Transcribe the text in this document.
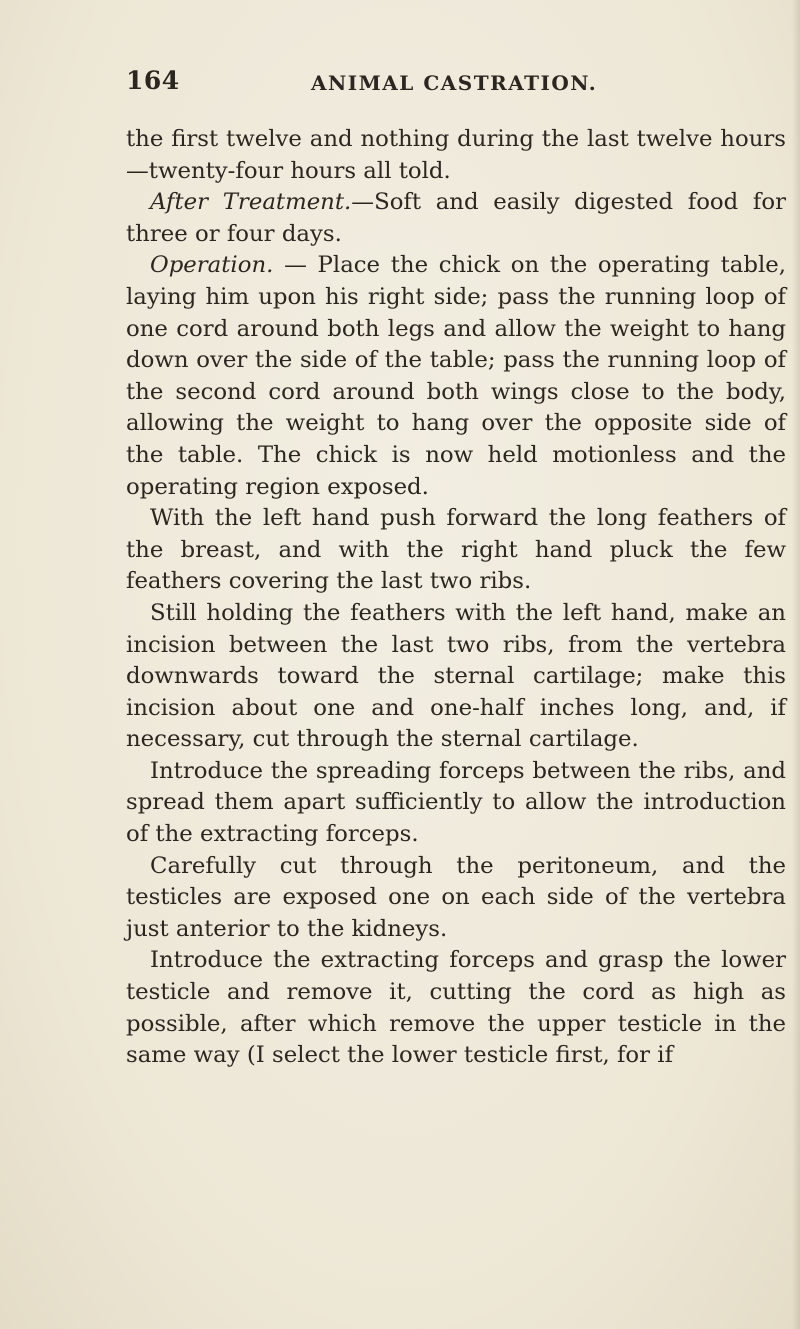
164	ANIMAL CASTRATION.

the first twelve and nothing during the last twelve hours—twenty-four hours all told.

After Treatment.—Soft and easily digested food for three or four days.

Operation. — Place the chick on the operating table, laying him upon his right side; pass the running loop of one cord around both legs and allow the weight to hang down over the side of the table; pass the running loop of the second cord around both wings close to the body, allowing the weight to hang over the opposite side of the table. The chick is now held motionless and the operating region exposed.

With the left hand push forward the long feathers of the breast, and with the right hand pluck the few feathers covering the last two ribs.

Still holding the feathers with the left hand, make an incision between the last two ribs, from the vertebra downwards toward the sternal cartilage; make this incision about one and one-half inches long, and, if necessary, cut through the sternal cartilage.

Introduce the spreading forceps between the ribs, and spread them apart sufficiently to allow the introduction of the extracting forceps.

Carefully cut through the peritoneum, and the testicles are exposed one on each side of the vertebra just anterior to the kidneys.

Introduce the extracting forceps and grasp the lower testicle and remove it, cutting the cord as high as possible, after which remove the upper testicle in the same way (I select the lower testicle first, for if
